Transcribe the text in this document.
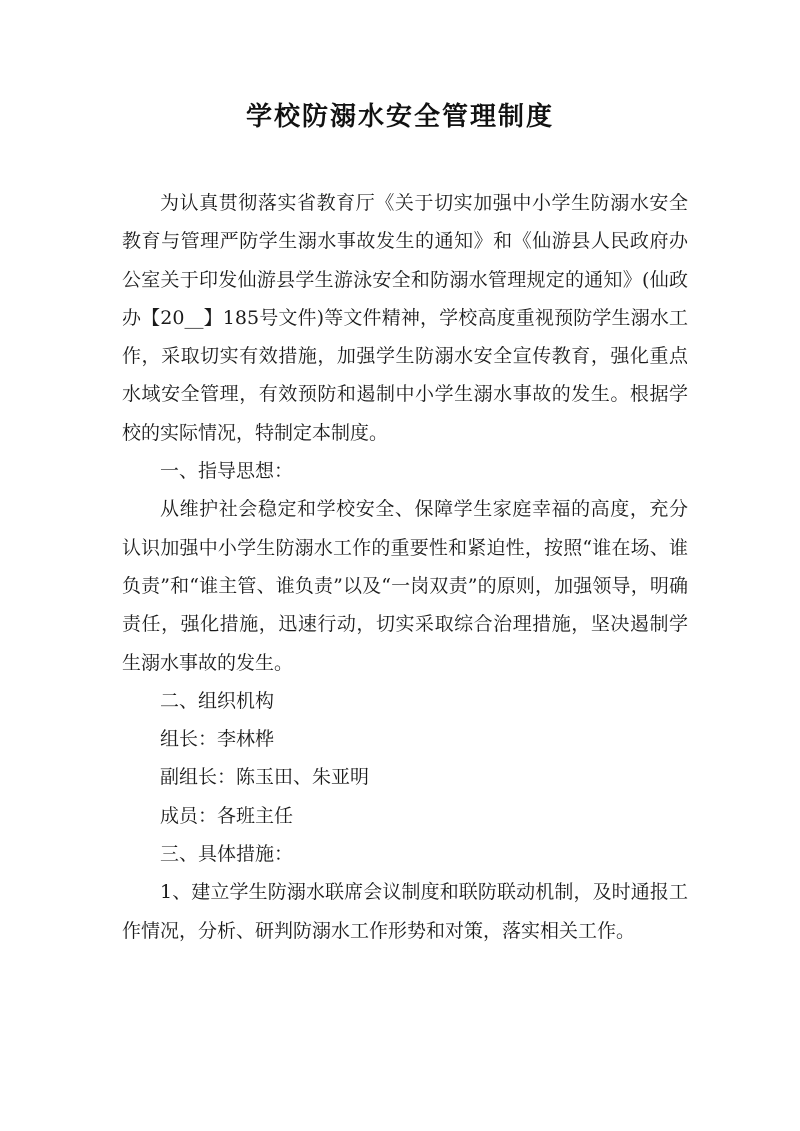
学校防溺水安全管理制度

为认真贯彻落实省教育厅《关于切实加强中小学生防溺水安全教育与管理严防学生溺水事故发生的通知》和《仙游县人民政府办公室关于印发仙游县学生游泳安全和防溺水管理规定的通知》(仙政办【20__】185号文件)等文件精神，学校高度重视预防学生溺水工作，采取切实有效措施，加强学生防溺水安全宣传教育，强化重点水域安全管理，有效预防和遏制中小学生溺水事故的发生。根据学校的实际情况，特制定本制度。

一、指导思想：

从维护社会稳定和学校安全、保障学生家庭幸福的高度，充分认识加强中小学生防溺水工作的重要性和紧迫性，按照“谁在场、谁负责”和“谁主管、谁负责”以及“一岗双责”的原则，加强领导，明确责任，强化措施，迅速行动，切实采取综合治理措施，坚决遏制学生溺水事故的发生。

二、组织机构

组长：李林桦

副组长：陈玉田、朱亚明

成员：各班主任

三、具体措施：

1、建立学生防溺水联席会议制度和联防联动机制，及时通报工作情况，分析、研判防溺水工作形势和对策，落实相关工作。
